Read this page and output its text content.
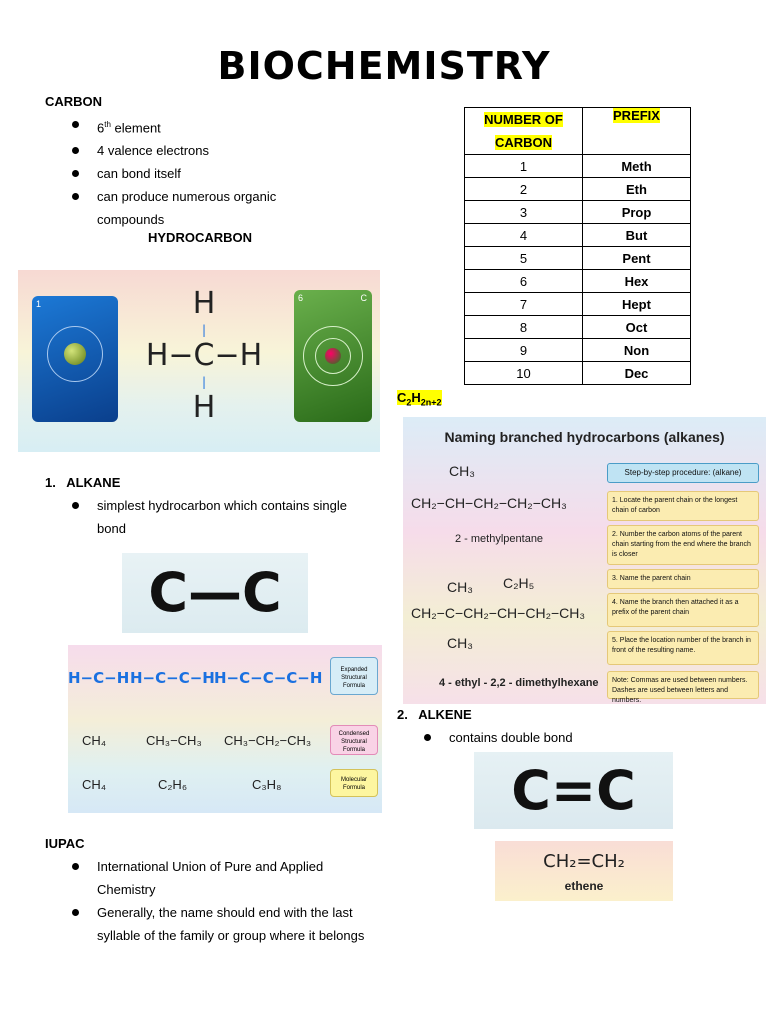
BIOCHEMISTRY
CARBON
6th element
4 valence electrons
can bond itself
can produce numerous organic compounds
HYDROCARBON
1	H
|
H−C−H
|
H
6	C
1.   ALKANE
simplest hydrocarbon which contains single bond
C—C
H−C−H H−C−C−H H−C−C−C−H
CH₄	CH₃−CH₃ CH₃−CH₂−CH₃
CH₄	C₂H₆	C₃H₈
Expanded Structural Formula
Condensed Structural Formula
Molecular Formula
IUPAC
International Union of Pure and Applied Chemistry
Generally, the name should end with the last syllable of the family or group where it belongs
NUMBER OF
CARBON	PREFIX
1	Meth
2	Eth
3	Prop
4	But
5	Pent
6	Hex
7	Hept
8	Oct
9	Non
10	Dec
$C_2H_{2n+2}$
Naming branched hydrocarbons (alkanes)
CH₃
CH₂−CH−CH₂−CH₂−CH₃
2 - methylpentane
CH₃ C₂H₅
CH₂−C−CH₂−CH−CH₂−CH₃
CH₃
4 - ethyl - 2,2 - dimethylhexane
Step-by-step procedure: (alkane)
1. Locate the parent chain or the longest chain of carbon
2. Number the carbon atoms of the parent chain starting from the end where the branch is closer
3. Name the parent chain
4. Name the branch then attached it as a prefix of the parent chain
5. Place the location number of the branch in front of the resulting name.
Note: Commas are used between numbers. Dashes are used between letters and numbers.
2.   ALKENE
contains double bond
C=C
CH₂=CH₂
ethene
